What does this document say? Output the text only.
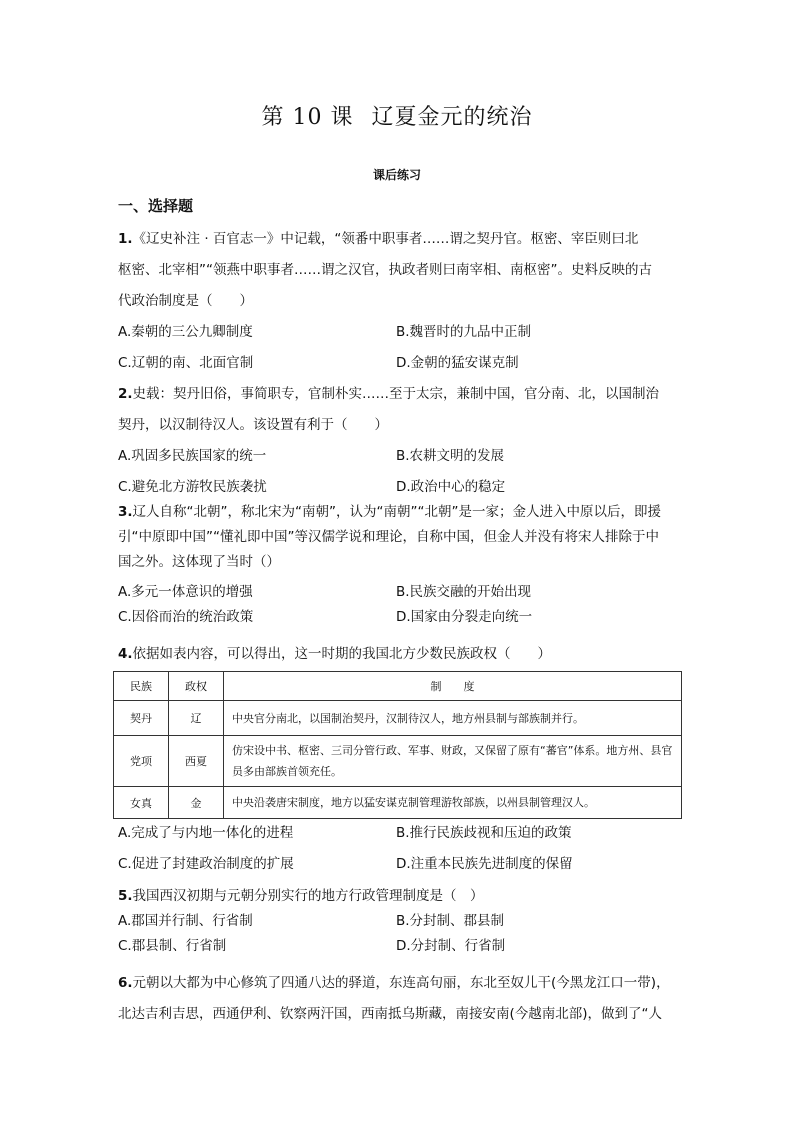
第 10 课 辽夏金元的统治
课后练习
一、选择题
1.《辽史补注 · 百官志一》中记载，“领番中职事者……谓之契丹官。枢密、宰臣则曰北
枢密、北宰相”“领燕中职事者……谓之汉官，执政者则曰南宰相、南枢密”。史料反映的古
代政治制度是（　　）
A.秦朝的三公九卿制度	B.魏晋时的九品中正制
C.辽朝的南、北面官制	D.金朝的猛安谋克制
2.史载：契丹旧俗，事简职专，官制朴实……至于太宗，兼制中国，官分南、北，以国制治
契丹，以汉制待汉人。该设置有利于（　　）
A.巩固多民族国家的统一	B.农耕文明的发展
C.避免北方游牧民族袭扰	D.政治中心的稳定
3.辽人自称“北朝”，称北宋为“南朝”，认为“南朝”“北朝”是一家；金人进入中原以后，即援
引“中原即中国”“懂礼即中国”等汉儒学说和理论，自称中国，但金人并没有将宋人排除于中
国之外。这体现了当时（）
A.多元一体意识的增强	B.民族交融的开始出现
C.因俗而治的统治政策	D.国家由分裂走向统一
4.依据如表内容，可以得出，这一时期的我国北方少数民族政权（　　）
民族	政权	制　　度
契丹	辽	中央官分南北，以国制治契丹，汉制待汉人，地方州县制与部族制并行。
党项	西夏	仿宋设中书、枢密、三司分管行政、军事、财政，又保留了原有“蕃官”体系。地方州、县官员多由部族首领充任。
女真	金	中央沿袭唐宋制度，地方以猛安谋克制管理游牧部族，以州县制管理汉人。
A.完成了与内地一体化的进程	B.推行民族歧视和压迫的政策
C.促进了封建政治制度的扩展	D.注重本民族先进制度的保留
5.我国西汉初期与元朝分别实行的地方行政管理制度是（　）
A.郡国并行制、行省制	B.分封制、郡县制
C.郡县制、行省制	D.分封制、行省制
6.元朝以大都为中心修筑了四通八达的驿道，东连高句丽，东北至奴儿干(今黑龙江口一带)，
北达吉利吉思，西通伊利、钦察两汗国，西南抵乌斯藏，南接安南(今越南北部)，做到了“人
